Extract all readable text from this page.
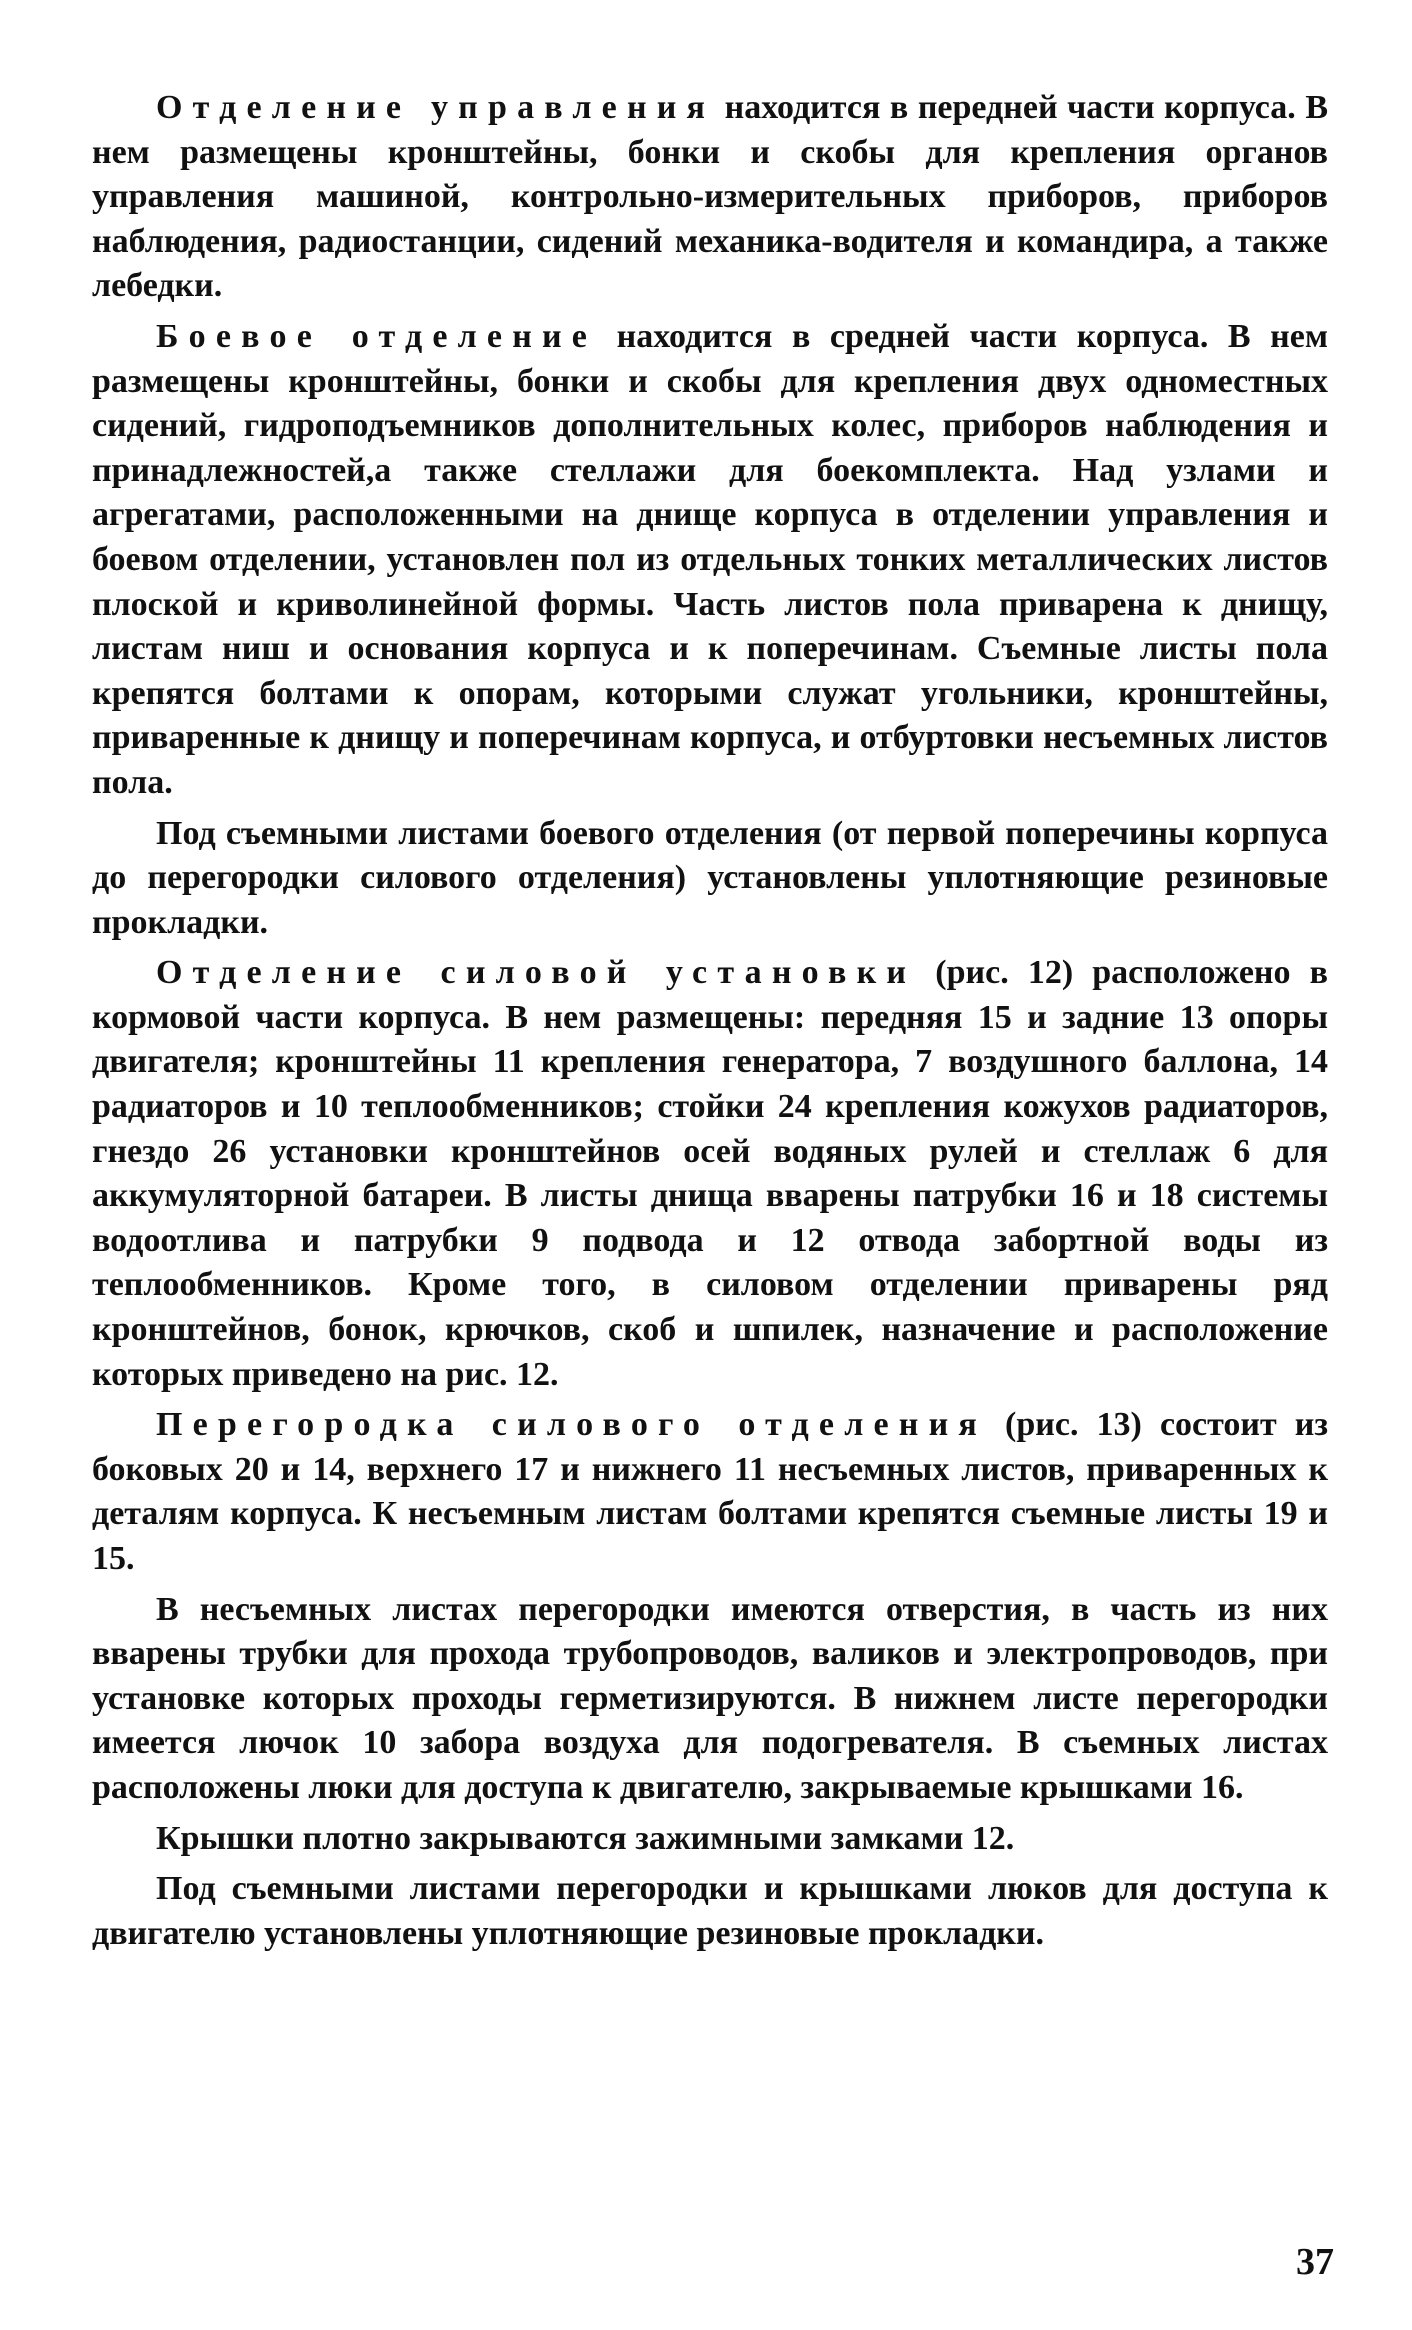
Отделение управления находится в передней части корпуса. В нем размещены кронштейны, бонки и скобы для крепления органов управления машиной, контрольно-измерительных приборов, приборов наблюдения, радиостанции, сидений механика-водителя и командира, а также лебедки.

Боевое отделение находится в средней части корпуса. В нем размещены кронштейны, бонки и скобы для крепления двух одноместных сидений, гидроподъемников дополнительных колес, приборов наблюдения и принадлежностей,а также стеллажи для боекомплекта. Над узлами и агрегатами, расположенными на днище корпуса в отделении управления и боевом отделении, установлен пол из отдельных тонких металлических листов плоской и криволинейной формы. Часть листов пола приварена к днищу, листам ниш и основания корпуса и к поперечинам. Съемные листы пола крепятся болтами к опорам, которыми служат угольники, кронштейны, приваренные к днищу и поперечинам корпуса, и отбуртовки несъемных листов пола.

Под съемными листами боевого отделения (от первой поперечины корпуса до перегородки силового отделения) установлены уплотняющие резиновые прокладки.

Отделение силовой установки (рис. 12) расположено в кормовой части корпуса. В нем размещены: передняя 15 и задние 13 опоры двигателя; кронштейны 11 крепления генератора, 7 воздушного баллона, 14 радиаторов и 10 теплообменников; стойки 24 крепления кожухов радиаторов, гнездо 26 установки кронштейнов осей водяных рулей и стеллаж 6 для аккумуляторной батареи. В листы днища вварены патрубки 16 и 18 системы водоотлива и патрубки 9 подвода и 12 отвода забортной воды из теплообменников. Кроме того, в силовом отделении приварены ряд кронштейнов, бонок, крючков, скоб и шпилек, назначение и расположение которых приведено на рис. 12.

Перегородка силового отделения (рис. 13) состоит из боковых 20 и 14, верхнего 17 и нижнего 11 несъемных листов, приваренных к деталям корпуса. К несъемным листам болтами крепятся съемные листы 19 и 15.

В несъемных листах перегородки имеются отверстия, в часть из них вварены трубки для прохода трубопроводов, валиков и электропроводов, при установке которых проходы герметизируются. В нижнем листе перегородки имеется лючок 10 забора воздуха для подогревателя. В съемных листах расположены люки для доступа к двигателю, закрываемые крышками 16.

Крышки плотно закрываются зажимными замками 12.

Под съемными листами перегородки и крышками люков для доступа к двигателю установлены уплотняющие резиновые прокладки.

37
